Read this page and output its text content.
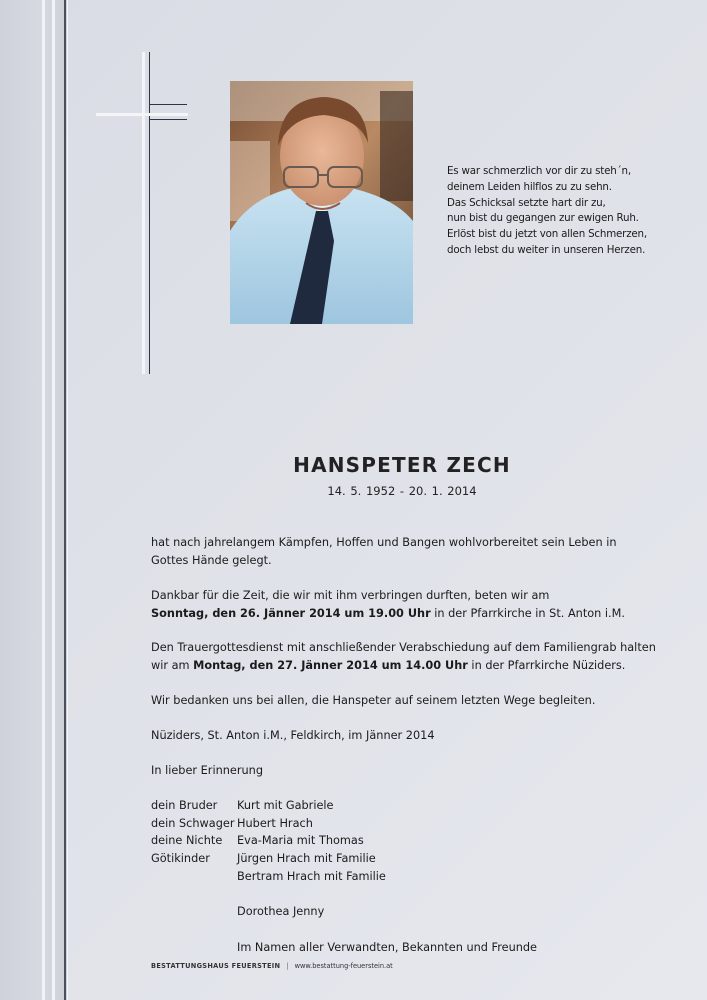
Es war schmerzlich vor dir zu steh´n,
deinem Leiden hilflos zu zu sehn.
Das Schicksal setzte hart dir zu,
nun bist du gegangen zur ewigen Ruh.
Erlöst bist du jetzt von allen Schmerzen,
doch lebst du weiter in unseren Herzen.
HANSPETER ZECH
14. 5. 1952 - 20. 1. 2014
hat nach jahrelangem Kämpfen, Hoffen und Bangen wohlvorbereitet sein Leben in Gottes Hände gelegt.
Dankbar für die Zeit, die wir mit ihm verbringen durften, beten wir am
Sonntag, den 26. Jänner 2014 um 19.00 Uhr in der Pfarrkirche in St. Anton i.M.
Den Trauergottesdienst mit anschließender Verabschiedung auf dem Familiengrab halten wir am Montag, den 27. Jänner 2014 um 14.00 Uhr in der Pfarrkirche Nüziders.
Wir bedanken uns bei allen, die Hanspeter auf seinem letzten Wege begleiten.
Nüziders, St. Anton i.M., Feldkirch, im Jänner 2014
In lieber Erinnerung
dein Bruder	Kurt mit Gabriele
dein Schwager Hubert Hrach
deine Nichte	Eva-Maria mit Thomas
Götikinder	Jürgen Hrach mit Familie
Bertram Hrach mit Familie
Dorothea Jenny
Im Namen aller Verwandten, Bekannten und Freunde
BESTATTUNGSHAUS FEUERSTEIN | www.bestattung-feuerstein.at
